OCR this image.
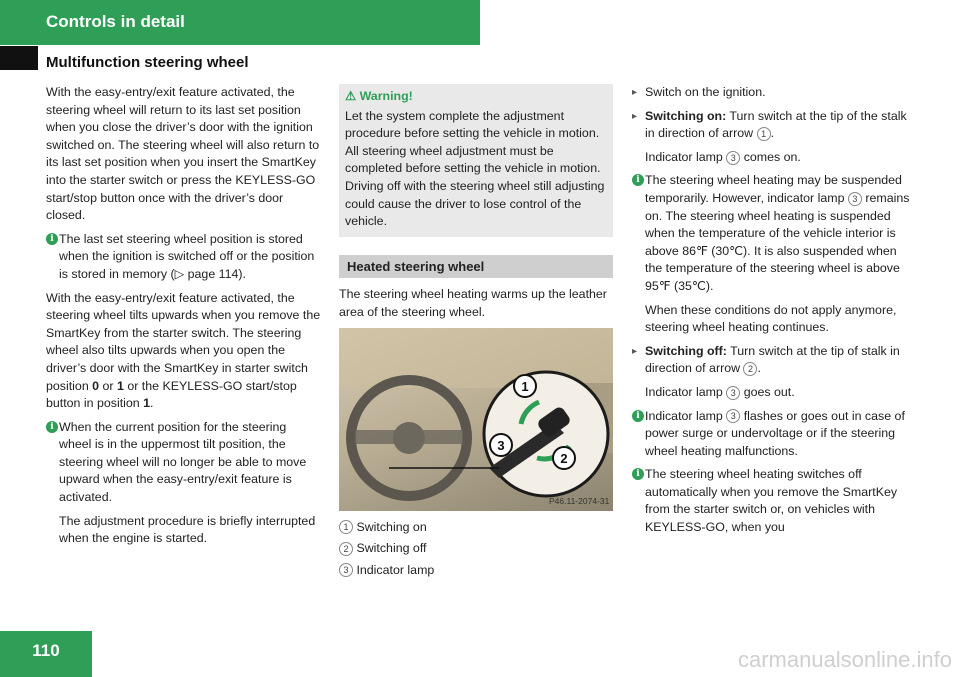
Controls in detail
Multifunction steering wheel

With the easy-entry/exit feature activated, the steering wheel will return to its last set position when you close the driver’s door with the ignition switched on. The steering wheel will also return to its last set position when you insert the SmartKey into the starter switch or press the KEYLESS-GO start/stop button once with the driver’s door closed.

i The last set steering wheel position is stored when the ignition is switched off or the position is stored in memory (▷ page 114).

With the easy-entry/exit feature activated, the steering wheel tilts upwards when you remove the SmartKey from the starter switch. The steering wheel also tilts upwards when you open the driver’s door with the SmartKey in starter switch position 0 or 1 or the KEYLESS-GO start/stop button in position 1.

i When the current position for the steering wheel is in the uppermost tilt position, the steering wheel will no longer be able to move upward when the easy-entry/exit feature is activated.
The adjustment procedure is briefly interrupted when the engine is started.
⚠ Warning!
Let the system complete the adjustment procedure before setting the vehicle in motion. All steering wheel adjustment must be completed before setting the vehicle in motion. Driving off with the steering wheel still adjusting could cause the driver to lose control of the vehicle.
Heated steering wheel

The steering wheel heating warms up the leather area of the steering wheel.

1
3
2
P46.11-2074-31
1 Switching on
2 Switching off
3 Indicator lamp
▸ Switch on the ignition.
▸ Switching on: Turn switch at the tip of the stalk in direction of arrow 1 .
Indicator lamp 3 comes on.
i The steering wheel heating may be suspended temporarily. However, indicator lamp 3 remains on. The steering wheel heating is suspended when the temperature of the vehicle interior is above 86℉ (30℃). It is also suspended when the temperature of the steering wheel is above 95℉ (35℃).
When these conditions do not apply anymore, steering wheel heating continues.
▸ Switching off: Turn switch at the tip of stalk in direction of arrow 2 .
Indicator lamp 3 goes out.
i Indicator lamp 3 flashes or goes out in case of power surge or undervoltage or if the steering wheel heating malfunctions.
i The steering wheel heating switches off automatically when you remove the SmartKey from the starter switch or, on vehicles with KEYLESS-GO, when you
110	carmanualsonline.info
